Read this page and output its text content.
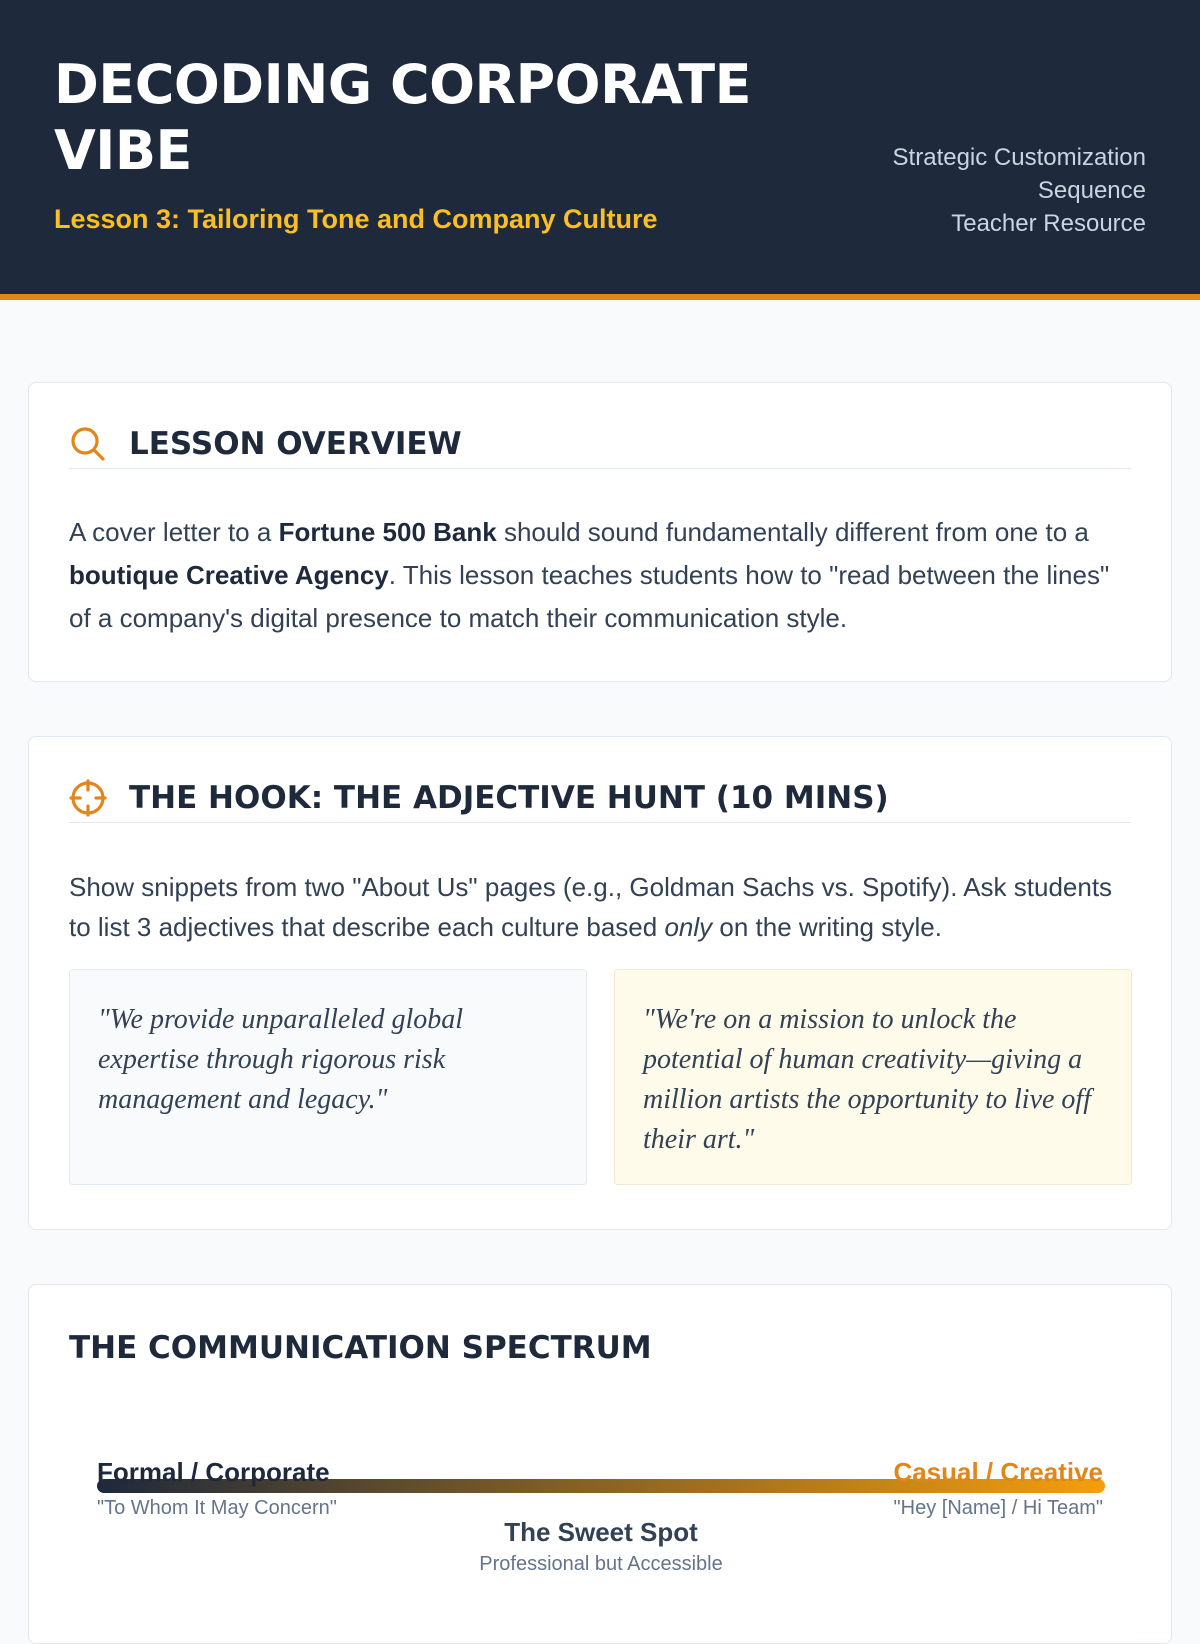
DECODING CORPORATE VIBE
Lesson 3: Tailoring Tone and Company Culture
Strategic Customization
Sequence
Teacher Resource
LESSON OVERVIEW
A cover letter to a Fortune 500 Bank should sound fundamentally different from one to a boutique Creative Agency. This lesson teaches students how to "read between the lines" of a company's digital presence to match their communication style.
THE HOOK: THE ADJECTIVE HUNT (10 MINS)
Show snippets from two "About Us" pages (e.g., Goldman Sachs vs. Spotify). Ask students to list 3 adjectives that describe each culture based only on the writing style.
"We provide unparalleled global expertise through rigorous risk management and legacy."
"We're on a mission to unlock the potential of human creativity—giving a million artists the opportunity to live off their art."
THE COMMUNICATION SPECTRUM
Formal / Corporate
"To Whom It May Concern"
Casual / Creative
"Hey [Name] / Hi Team"
The Sweet Spot
Professional but Accessible
